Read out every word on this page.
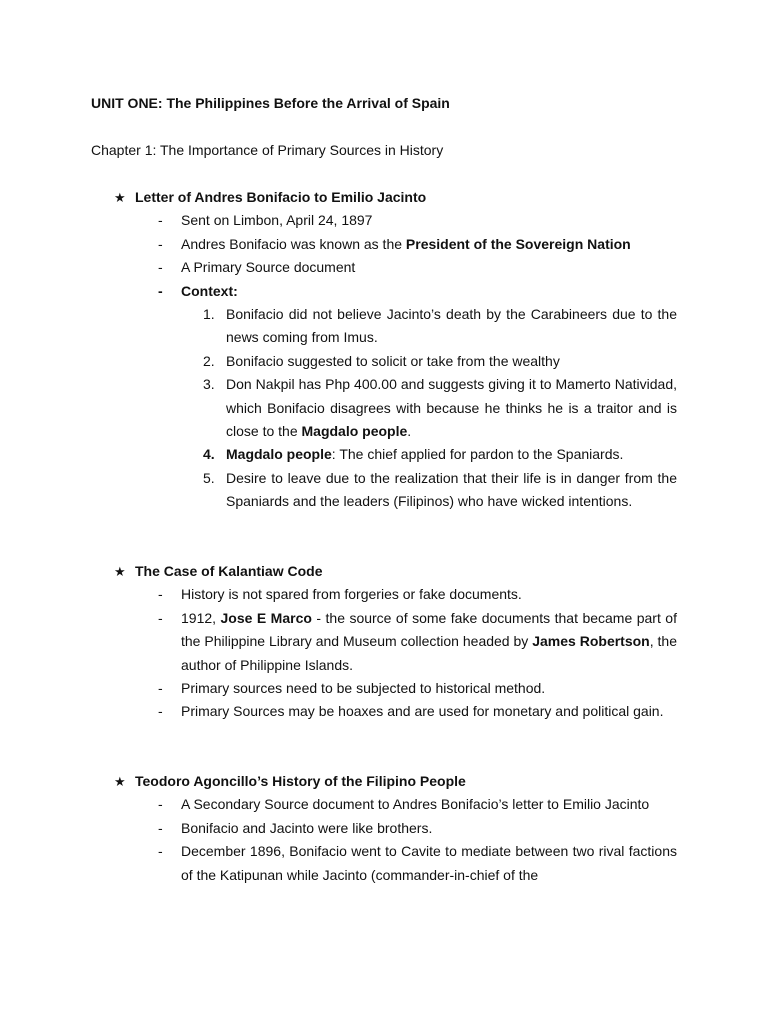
UNIT ONE: The Philippines Before the Arrival of Spain
Chapter 1: The Importance of Primary Sources in History
★ Letter of Andres Bonifacio to Emilio Jacinto
- Sent on Limbon, April 24, 1897
- Andres Bonifacio was known as the President of the Sovereign Nation
- A Primary Source document
- Context:
1. Bonifacio did not believe Jacinto’s death by the Carabineers due to the news coming from Imus.
2. Bonifacio suggested to solicit or take from the wealthy
3. Don Nakpil has Php 400.00 and suggests giving it to Mamerto Natividad, which Bonifacio disagrees with because he thinks he is a traitor and is close to the Magdalo people.
4. Magdalo people: The chief applied for pardon to the Spaniards.
5. Desire to leave due to the realization that their life is in danger from the Spaniards and the leaders (Filipinos) who have wicked intentions.
★ The Case of Kalantiaw Code
- History is not spared from forgeries or fake documents.
- 1912, Jose E Marco - the source of some fake documents that became part of the Philippine Library and Museum collection headed by James Robertson, the author of Philippine Islands.
- Primary sources need to be subjected to historical method.
- Primary Sources may be hoaxes and are used for monetary and political gain.
★ Teodoro Agoncillo’s History of the Filipino People
- A Secondary Source document to Andres Bonifacio’s letter to Emilio Jacinto
- Bonifacio and Jacinto were like brothers.
- December 1896, Bonifacio went to Cavite to mediate between two rival factions of the Katipunan while Jacinto (commander-in-chief of the
